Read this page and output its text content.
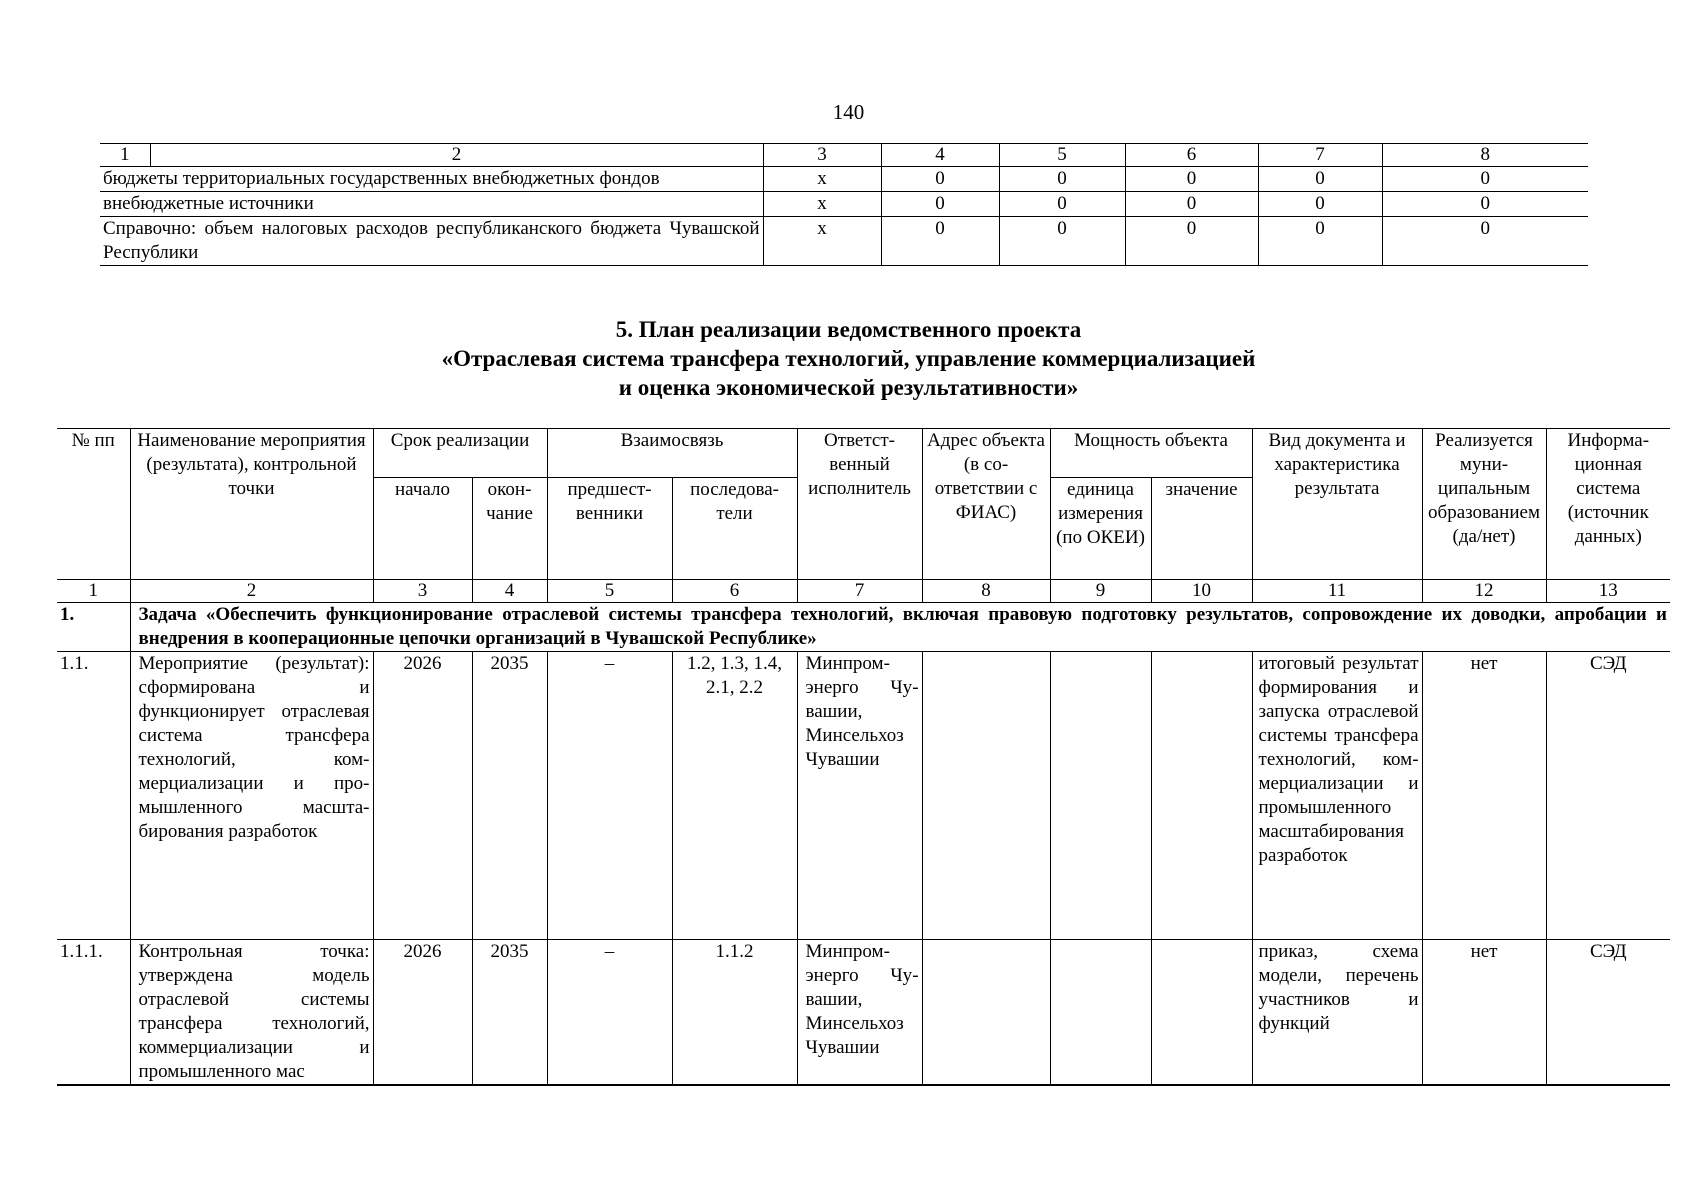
140
1	2	3	4	5	6	7	8
бюджеты территориальных государственных внебюджетных фондов		х	0	0	0	0	0
внебюджетные источники		х	0	0	0	0	0
Справочно: объем налоговых расходов республиканского бюджета Чувашской Республики		х	0	0	0	0	0
5. План реализации ведомственного проекта
«Отраслевая система трансфера технологий, управление коммерциализацией
и оценка экономической результативности»
№ пп	Наименование мероприятия (результата), контрольной точки	Срок реализации		Взаимосвязь		Ответственный исполнитель	Адрес объекта (в соответствии с ФИАС)	Мощность объекта		Вид документа и характеристика результата	Реализуется муниципальным образованием (да/нет)	Информационная система (источник данных)
		начало	окончание	предшественники	последователи			единица измерения (по ОКЕИ)	значение			
1	2	3	4	5	6	7	8	9	10	11	12	13
1.	Задача «Обеспечить функционирование отраслевой системы трансфера технологий, включая правовую подготовку результатов, сопровождение их доводки, апробации и внедрения в кооперационные цепочки организаций в Чувашской Республике»											
1.1.	Мероприятие (результат): сформирована и функционирует отраслевая система трансфера технологий, коммерциализации и промышленного масштабирования разработок	2026	2035	–	1.2, 1.3, 1.4, 2.1, 2.2	Минпромэнерго Чувашии, Минсельхоз Чувашии				итоговый результат формирования и запуска отраслевой системы трансфера технологий, коммерциализации и промышленного масштабирования разработок	нет	СЭД
1.1.1.	Контрольная точка: утверждена модель отраслевой системы трансфера технологий, коммерциализации и промышленного мас	2026	2035	–	1.1.2	Минпромэнерго Чувашии, Минсельхоз Чувашии				приказ, схема модели, перечень участников и функций	нет	СЭД
